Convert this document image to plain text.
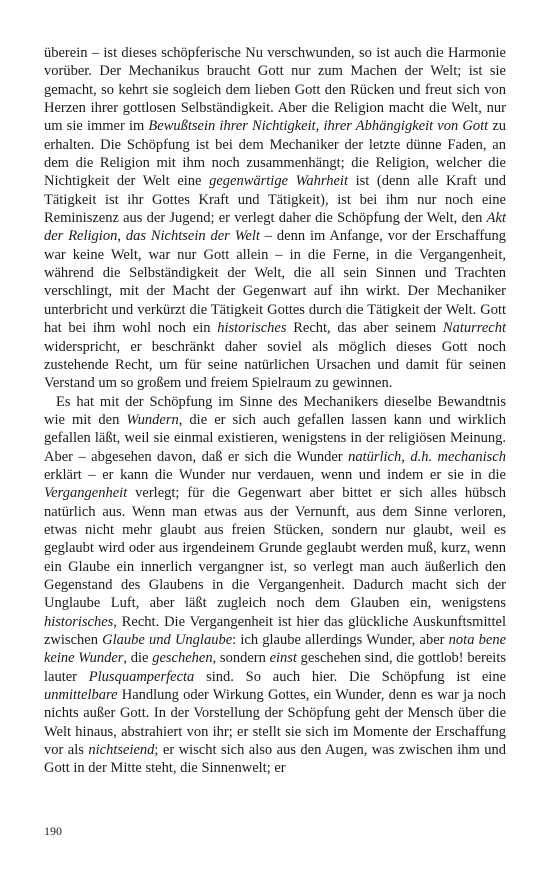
überein – ist dieses schöpferische Nu verschwunden, so ist auch die Harmonie vorüber. Der Mechanikus braucht Gott nur zum Machen der Welt; ist sie gemacht, so kehrt sie sogleich dem lieben Gott den Rücken und freut sich von Herzen ihrer gottlosen Selbständigkeit. Aber die Religion macht die Welt, nur um sie immer im Bewußtsein ihrer Nichtigkeit, ihrer Abhängigkeit von Gott zu erhalten. Die Schöpfung ist bei dem Mechaniker der letzte dünne Faden, an dem die Religion mit ihm noch zusammenhängt; die Religion, welcher die Nichtigkeit der Welt eine gegenwärtige Wahrheit ist (denn alle Kraft und Tätigkeit ist ihr Gottes Kraft und Tätigkeit), ist bei ihm nur noch eine Reminiszenz aus der Jugend; er verlegt daher die Schöpfung der Welt, den Akt der Religion, das Nichtsein der Welt – denn im Anfange, vor der Erschaffung war keine Welt, war nur Gott allein – in die Ferne, in die Vergangenheit, während die Selbständigkeit der Welt, die all sein Sinnen und Trachten verschlingt, mit der Macht der Gegenwart auf ihn wirkt. Der Mechaniker unterbricht und verkürzt die Tätigkeit Gottes durch die Tätigkeit der Welt. Gott hat bei ihm wohl noch ein historisches Recht, das aber seinem Naturrecht widerspricht, er beschränkt daher soviel als möglich dieses Gott noch zustehende Recht, um für seine natürlichen Ursachen und damit für seinen Verstand um so großem und freiem Spielraum zu gewinnen.

Es hat mit der Schöpfung im Sinne des Mechanikers dieselbe Bewandtnis wie mit den Wundern, die er sich auch gefallen lassen kann und wirklich gefallen läßt, weil sie einmal existieren, wenigstens in der religiösen Meinung. Aber – abgesehen davon, daß er sich die Wunder natürlich, d.h. mechanisch erklärt – er kann die Wunder nur verdauen, wenn und indem er sie in die Vergangenheit verlegt; für die Gegenwart aber bittet er sich alles hübsch natürlich aus. Wenn man etwas aus der Vernunft, aus dem Sinne verloren, etwas nicht mehr glaubt aus freien Stücken, sondern nur glaubt, weil es geglaubt wird oder aus irgendeinem Grunde geglaubt werden muß, kurz, wenn ein Glaube ein innerlich vergangner ist, so verlegt man auch äußerlich den Gegenstand des Glaubens in die Vergangenheit. Dadurch macht sich der Unglaube Luft, aber läßt zugleich noch dem Glauben ein, wenigstens historisches, Recht. Die Vergangenheit ist hier das glückliche Auskunftsmittel zwischen Glaube und Unglaube: ich glaube allerdings Wunder, aber nota bene keine Wunder, die geschehen, sondern einst geschehen sind, die gottlob! bereits lauter Plusquamperfecta sind. So auch hier. Die Schöpfung ist eine unmittelbare Handlung oder Wirkung Gottes, ein Wunder, denn es war ja noch nichts außer Gott. In der Vorstellung der Schöpfung geht der Mensch über die Welt hinaus, abstrahiert von ihr; er stellt sie sich im Momente der Erschaffung vor als nichtseiend; er wischt sich also aus den Augen, was zwischen ihm und Gott in der Mitte steht, die Sinnenwelt; er

190
